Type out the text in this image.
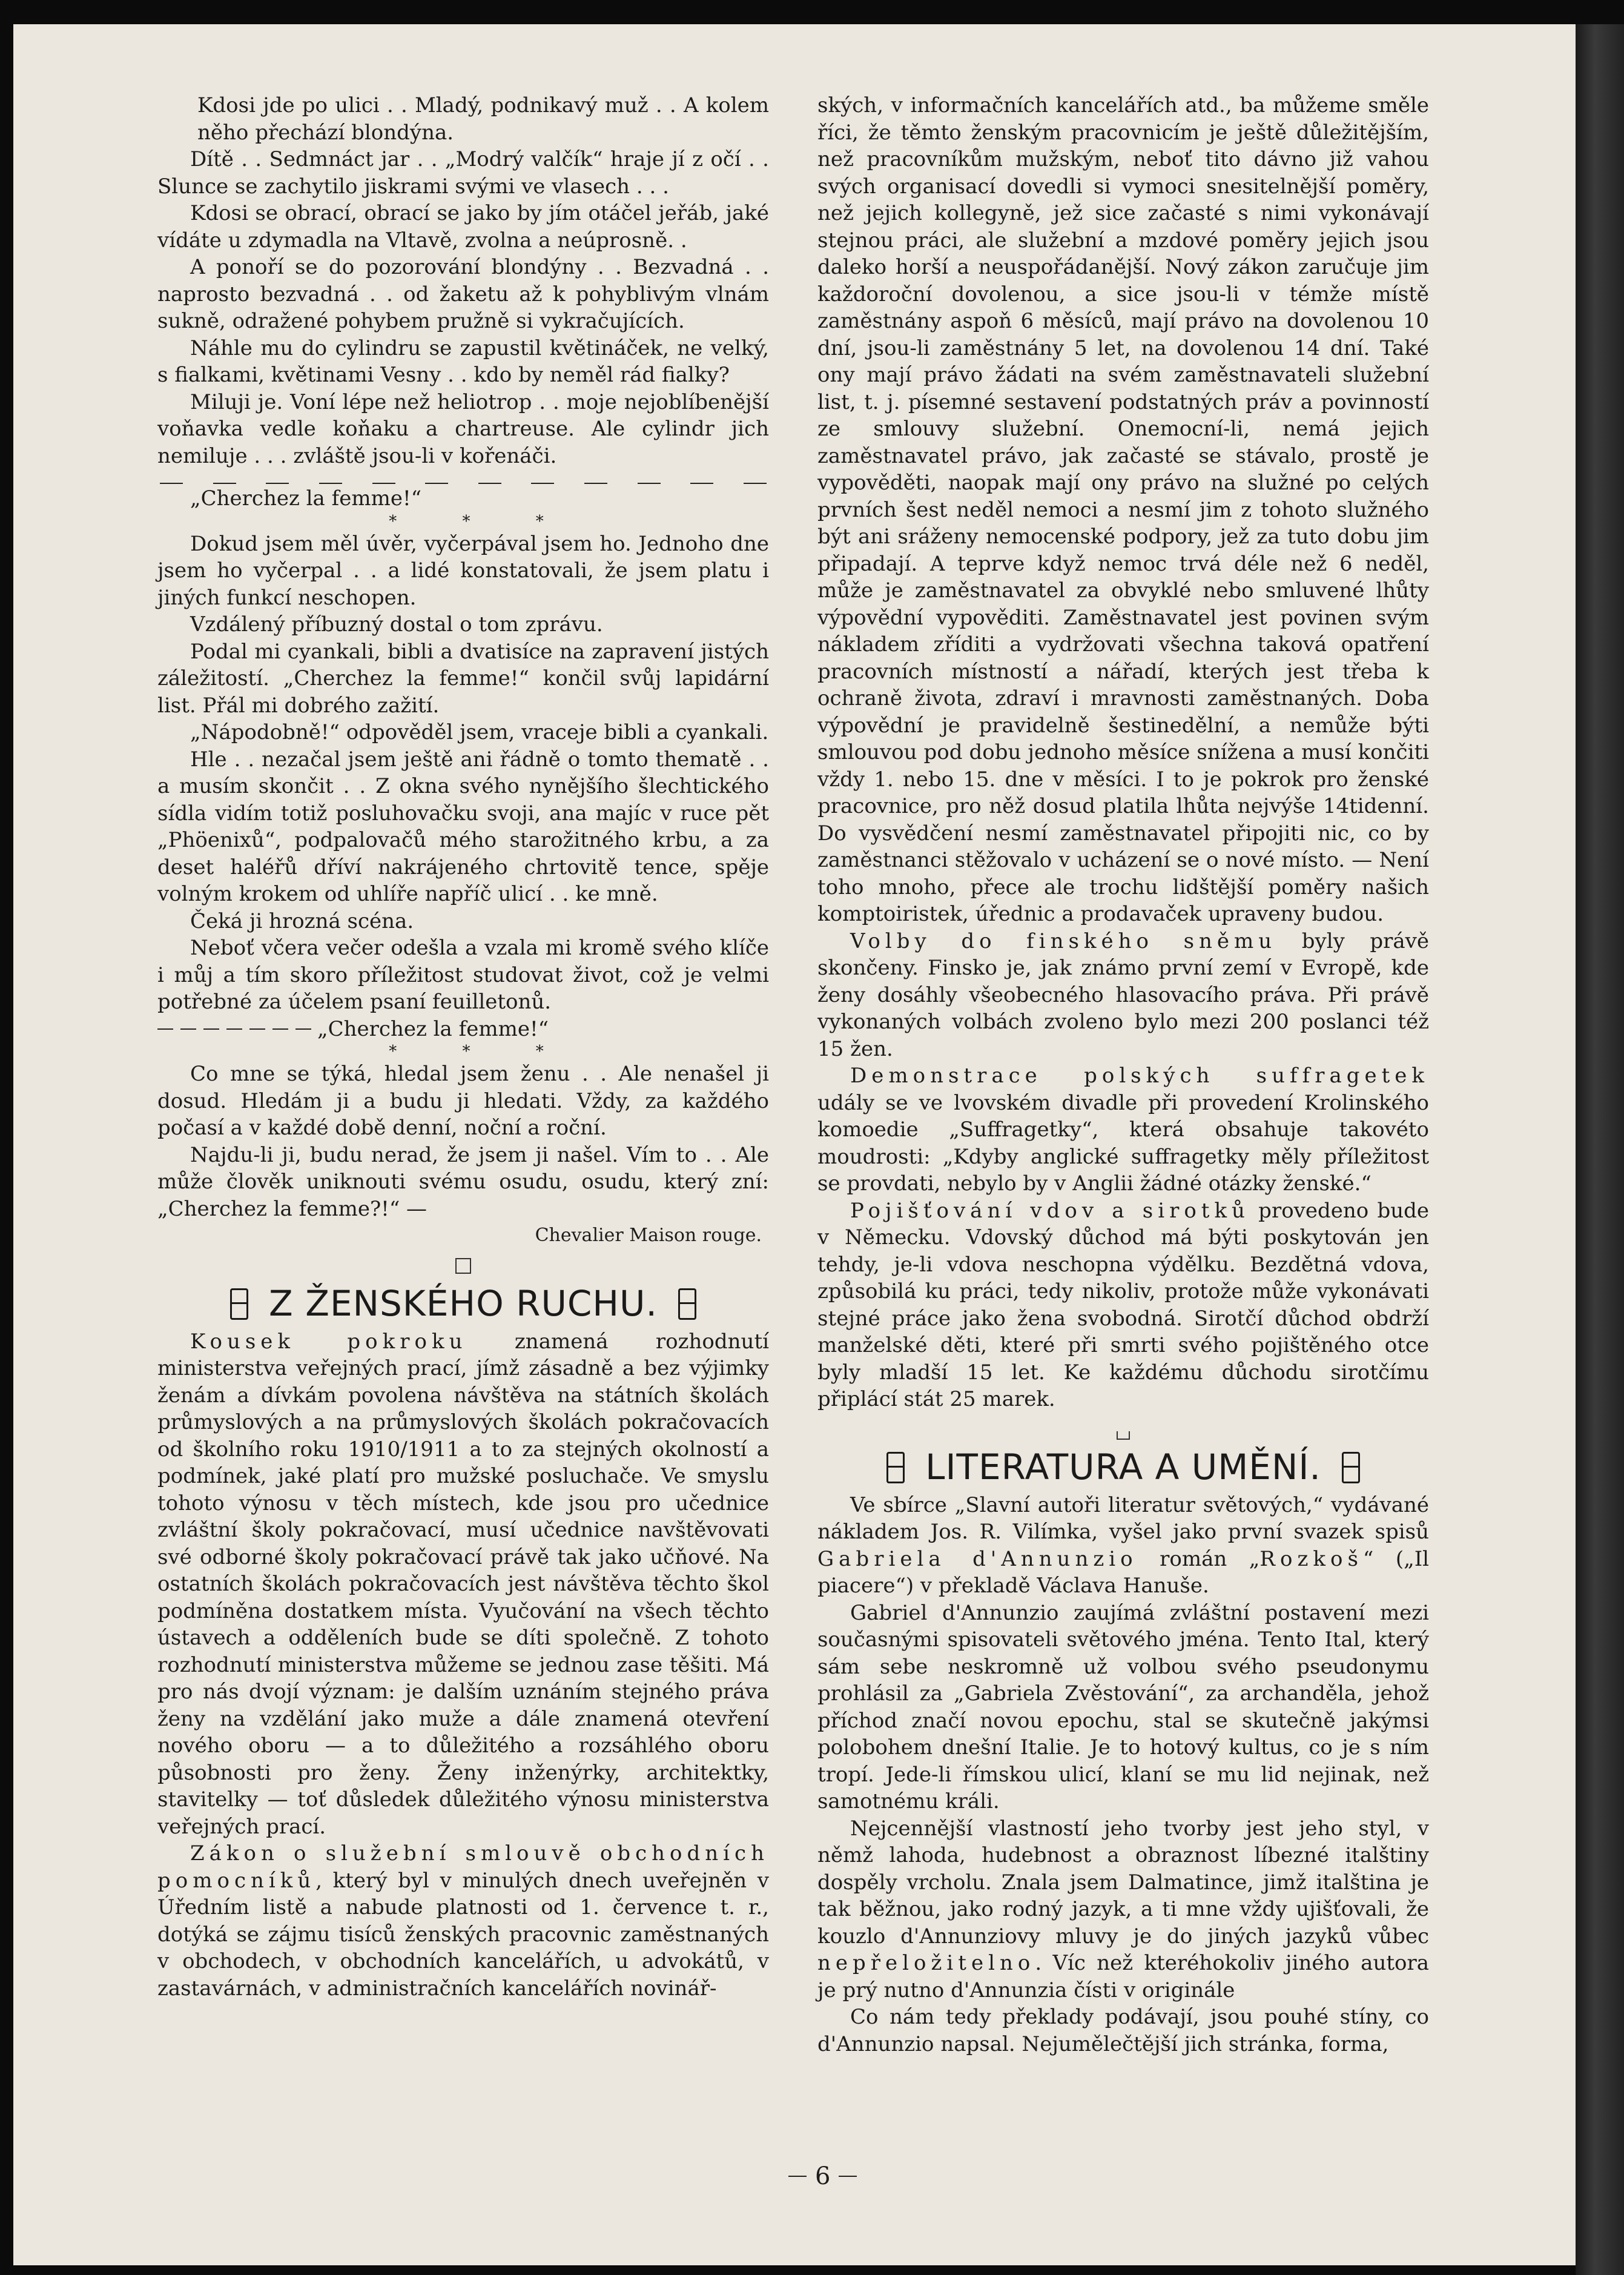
Kdosi jde po ulici . . Mladý, podnikavý muž . . A kolem něho přechází blondýna.

Dítě . . Sedmnáct jar . . „Modrý valčík“ hraje jí z očí . . Slunce se zachytilo jiskrami svými ve vlasech . . .

Kdosi se obrací, obrací se jako by jím otáčel jeřáb, jaké vídáte u zdymadla na Vltavě, zvolna a neúprosně. .

A ponoří se do pozorování blondýny . . Bezvadná . . naprosto bezvadná . . od žaketu až k pohyblivým vlnám sukně, odražené pohybem pružně si vykračujících.

Náhle mu do cylindru se zapustil květináček, ne velký, s fialkami, květinami Vesny . . kdo by neměl rád fialky?

Miluji je. Voní lépe než heliotrop . . moje nejoblíbenější voňavka vedle koňaku a chartreuse. Ale cylindr jich nemiluje . . . zvláště jsou-li v kořenáči.

„Cherchez la femme!“

* * *

Dokud jsem měl úvěr, vyčerpával jsem ho. Jednoho dne jsem ho vyčerpal . . a lidé konstatovali, že jsem platu i jiných funkcí neschopen.

Vzdálený příbuzný dostal o tom zprávu.

Podal mi cyankali, bibli a dvatisíce na zapravení jistých záležitostí. „Cherchez la femme!“ končil svůj lapidární list. Přál mi dobrého zažití.

„Nápodobně!“ odpověděl jsem, vraceje bibli a cyankali.

Hle . . nezačal jsem ještě ani řádně o tomto thematě . . a musím skončit . . Z okna svého nynějšího šlechtického sídla vidím totiž posluhovačku svoji, ana majíc v ruce pět „Phöenixů“, podpalovačů mého starožitného krbu, a za deset haléřů dříví nakrájeného chrtovitě tence, spěje volným krokem od uhlíře napříč ulicí . . ke mně.

Čeká ji hrozná scéna.

Neboť včera večer odešla a vzala mi kromě svého klíče i můj a tím skoro příležitost studovat život, což je velmi potřebné za účelem psaní feuilletonů.

„Cherchez la femme!“
* * *

Co mne se týká, hledal jsem ženu . . Ale nenašel ji dosud. Hledám ji a budu ji hledati. Vždy, za každého počasí a v každé době denní, noční a roční.

Najdu-li ji, budu nerad, že jsem ji našel. Vím to . . Ale může člověk uniknouti svému osudu, osudu, který zní: „Cherchez la femme?!“ —

Chevalier Maison rouge.
Z ŽENSKÉHO RUCHU.

Kousek pokroku znamená rozhodnutí ministerstva veřejných prací, jímž zásadně a bez výjimky ženám a dívkám povolena návštěva na státních školách průmyslových a na průmyslových školách pokračovacích od školního roku 1910/1911 a to za stejných okolností a podmínek, jaké platí pro mužské posluchače. Ve smyslu tohoto výnosu v těch místech, kde jsou pro učednice zvláštní školy pokračovací, musí učednice navštěvovati své odborné školy pokračovací právě tak jako učňové. Na ostatních školách pokračovacích jest návštěva těchto škol podmíněna dostatkem místa. Vyučování na všech těchto ústavech a odděleních bude se díti společně. Z tohoto rozhodnutí ministerstva můžeme se jednou zase těšiti. Má pro nás dvojí význam: je dalším uznáním stejného práva ženy na vzdělání jako muže a dále znamená otevření nového oboru — a to důležitého a rozsáhlého oboru působnosti pro ženy. Ženy inženýrky, architektky, stavitelky — toť důsledek důležitého výnosu ministerstva veřejných prací.

Zákon o služební smlouvě obchodních pomocníků, který byl v minulých dnech uveřejněn v Úředním listě a nabude platnosti od 1. července t. r., dotýká se zájmu tisíců ženských pracovnic zaměstnaných v obchodech, v obchodních kancelářích, u advokátů, v zastavárnách, v administračních kancelářích novinář-

ských, v informačních kancelářích atd., ba můžeme směle říci, že těmto ženským pracovnicím je ještě důležitějším, než pracovníkům mužským, neboť tito dávno již vahou svých organisací dovedli si vymoci snesitelnější poměry, než jejich kollegyně, jež sice začasté s nimi vykonávají stejnou práci, ale služební a mzdové poměry jejich jsou daleko horší a neuspořádanější. Nový zákon zaručuje jim každoroční dovolenou, a sice jsou-li v témže místě zaměstnány aspoň 6 měsíců, mají právo na dovolenou 10 dní, jsou-li zaměstnány 5 let, na dovolenou 14 dní. Také ony mají právo žádati na svém zaměstnavateli služební list, t. j. písemné sestavení podstatných práv a povinností ze smlouvy služební. Onemocní-li, nemá jejich zaměstnavatel právo, jak začasté se stávalo, prostě je vypověděti, naopak mají ony právo na služné po celých prvních šest neděl nemoci a nesmí jim z tohoto služného být ani sráženy nemocenské podpory, jež za tuto dobu jim připadají. A teprve když nemoc trvá déle než 6 neděl, může je zaměstnavatel za obvyklé nebo smluvené lhůty výpovědní vypověditi. Zaměstnavatel jest povinen svým nákladem zříditi a vydržovati všechna taková opatření pracovních místností a nářadí, kterých jest třeba k ochraně života, zdraví i mravnosti zaměstnaných. Doba výpovědní je pravidelně šestinedělní, a nemůže býti smlouvou pod dobu jednoho měsíce snížena a musí končiti vždy 1. nebo 15. dne v měsíci. I to je pokrok pro ženské pracovnice, pro něž dosud platila lhůta nejvýše 14tidenní. Do vysvědčení nesmí zaměstnavatel připojiti nic, co by zaměstnanci stěžovalo v ucházení se o nové místo. — Není toho mnoho, přece ale trochu lidštější poměry našich komptoiristek, úřednic a prodavaček upraveny budou.

Volby do finského sněmu byly právě skončeny. Finsko je, jak známo první zemí v Evropě, kde ženy dosáhly všeobecného hlasovacího práva. Při právě vykonaných volbách zvoleno bylo mezi 200 poslanci též 15 žen.

Demonstrace polských suffragetek udály se ve lvovském divadle při provedení Krolinského komoedie „Suffragetky“, která obsahuje takovéto moudrosti: „Kdyby anglické suffragetky měly příležitost se provdati, nebylo by v Anglii žádné otázky ženské.“

Pojišťování vdov a sirotků provedeno bude v Německu. Vdovský důchod má býti poskytován jen tehdy, je-li vdova neschopna výdělku. Bezdětná vdova, způsobilá ku práci, tedy nikoliv, protože může vykonávati stejné práce jako žena svobodná. Sirotčí důchod obdrží manželské děti, které při smrti svého pojištěného otce byly mladší 15 let. Ke každému důchodu sirotčímu připlácí stát 25 marek.

LITERATURA A UMĚNÍ.

Ve sbírce „Slavní autoři literatur světových,“ vydávané nákladem Jos. R. Vilímka, vyšel jako první svazek spisů Gabriela d'Annunzio román „Rozkoš“ („Il piacere“) v překladě Václava Hanuše.

Gabriel d'Annunzio zaujímá zvláštní postavení mezi současnými spisovateli světového jména. Tento Ital, který sám sebe neskromně už volbou svého pseudonymu prohlásil za „Gabriela Zvěstování“, za archanděla, jehož příchod značí novou epochu, stal se skutečně jakýmsi polobohem dnešní Italie. Je to hotový kultus, co je s ním tropí. Jede-li římskou ulicí, klaní se mu lid nejinak, než samotnému králi.

Nejcennější vlastností jeho tvorby jest jeho styl, v němž lahoda, hudebnost a obraznost líbezné italštiny dospěly vrcholu. Znala jsem Dalmatince, jimž italština je tak běžnou, jako rodný jazyk, a ti mne vždy ujišťovali, že kouzlo d'Annunziovy mluvy je do jiných jazyků vůbec nepřeložitelno. Víc než kteréhokoliv jiného autora je prý nutno d'Annunzia čísti v originále

Co nám tedy překlady podávají, jsou pouhé stíny, co d'Annunzio napsal. Nejumělečtější jich stránka, forma,

6
